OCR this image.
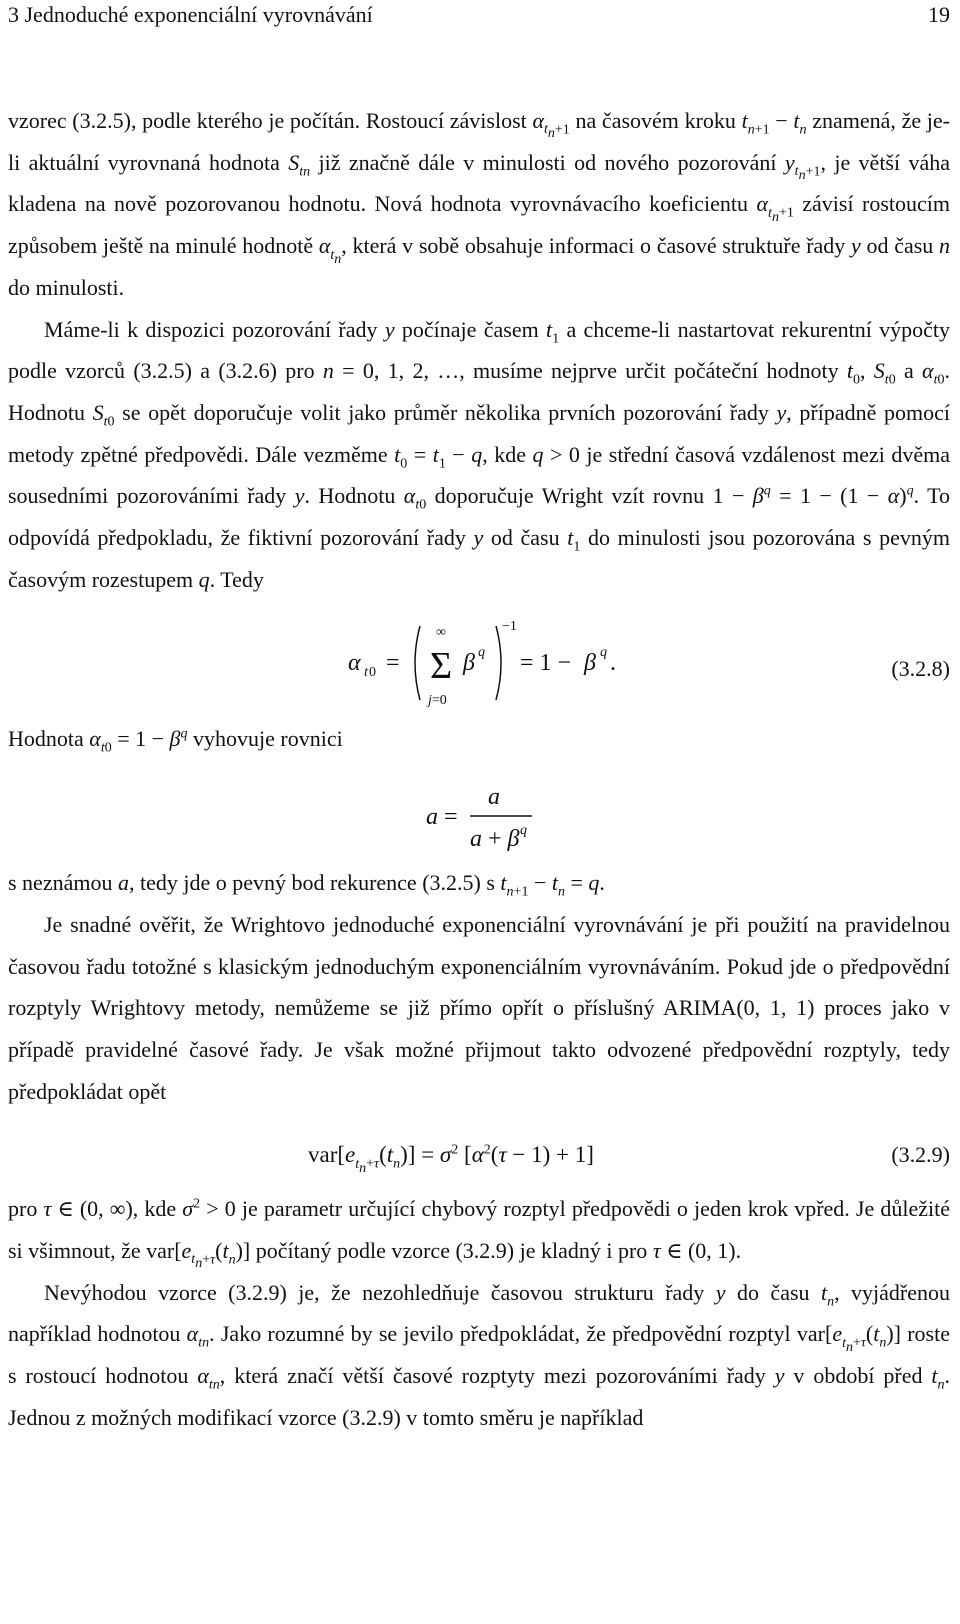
3 Jednoduché exponenciální vyrovnávání	19

vzorec (3.2.5), podle kterého je počítán. Rostoucí závislost $\alpha_{t_n+1}$ na časovém kroku $t_{n+1} - t_n$ znamená, že je-li aktuální vyrovnaná hodnota $S_{tn}$ již značně dále v minulosti od nového pozorování $y_{t_n+1}$, je větší váha kladena na nově pozorovanou hodnotu. Nová hodnota vyrovnávacího koeficientu $\alpha_{t_n+1}$ závisí rostoucím způsobem ještě na minulé hodnotě $\alpha_{t_n}$, která v sobě obsahuje informaci o časové struktuře řady y od času n do minulosti.

Máme-li k dispozici pozorování řady y počínaje časem $t_1$ a chceme-li nastartovat rekurentní výpočty podle vzorců (3.2.5) a (3.2.6) pro n = 0, 1, 2, …, musíme nejprve určit počáteční hodnoty $t_0$, $S_{t0}$ a $\alpha_{t0}$. Hodnotu $S_{t0}$ se opět doporučuje volit jako průměr několika prvních pozorování řady y, případně pomocí metody zpětné předpovědi. Dále vezměme $t_0 = t_1 - q$, kde q > 0 je střední časová vzdálenost mezi dvěma sousedními pozorováními řady y. Hodnotu $\alpha_{t0}$ doporučuje Wright vzít rovnu $1 - \beta^q = 1 - (1 - \alpha)^q$. To odpovídá předpokladu, že fiktivní pozorování řady y od času $t_1$ do minulosti jsou pozorována s pevným časovým rozestupem q. Tedy

α t 0 = Σ
∞
j=0
β q
−1
= 1 − β q .	(3.2.8)

Hodnota $\alpha_{t0} = 1 - \beta^q$ vyhovuje rovnici

a =
a
a + β q

s neznámou a, tedy jde o pevný bod rekurence (3.2.5) s $t_{n+1} - t_n = q$.

Je snadné ověřit, že Wrightovo jednoduché exponenciální vyrovnávání je při použití na pravidelnou časovou řadu totožné s klasickým jednoduchým exponenciálním vyrovnáváním. Pokud jde o předpovědní rozptyly Wrightovy metody, nemůžeme se již přímo opřít o příslušný ARIMA(0, 1, 1) proces jako v případě pravidelné časové řady. Je však možné přijmout takto odvozené předpovědní rozptyly, tedy předpokládat opět

$var[e_{t_n+\tau}(t_n)] = \sigma^2$ $[\alpha^2(\tau - 1) + 1]$	(3.2.9)

pro τ ∈ (0, ∞), kde $\sigma^2 > 0$ je parametr určující chybový rozptyl předpovědi o jeden krok vpřed. Je důležité si všimnout, že $var[e_{t_n+\tau}(t_n)]$ počítaný podle vzorce (3.2.9) je kladný i pro τ ∈ (0, 1).

Nevýhodou vzorce (3.2.9) je, že nezohledňuje časovou strukturu řady y do času $t_n$, vyjádřenou například hodnotou $\alpha_{tn}$. Jako rozumné by se jevilo předpokládat, že předpovědní rozptyl $var[e_{t_n+\tau}(t_n)]$ roste s rostoucí hodnotou $\alpha_{tn}$, která značí větší časové rozptyty mezi pozorováními řady y v období před $t_n$. Jednou z možných modifikací vzorce (3.2.9) v tomto směru je například
